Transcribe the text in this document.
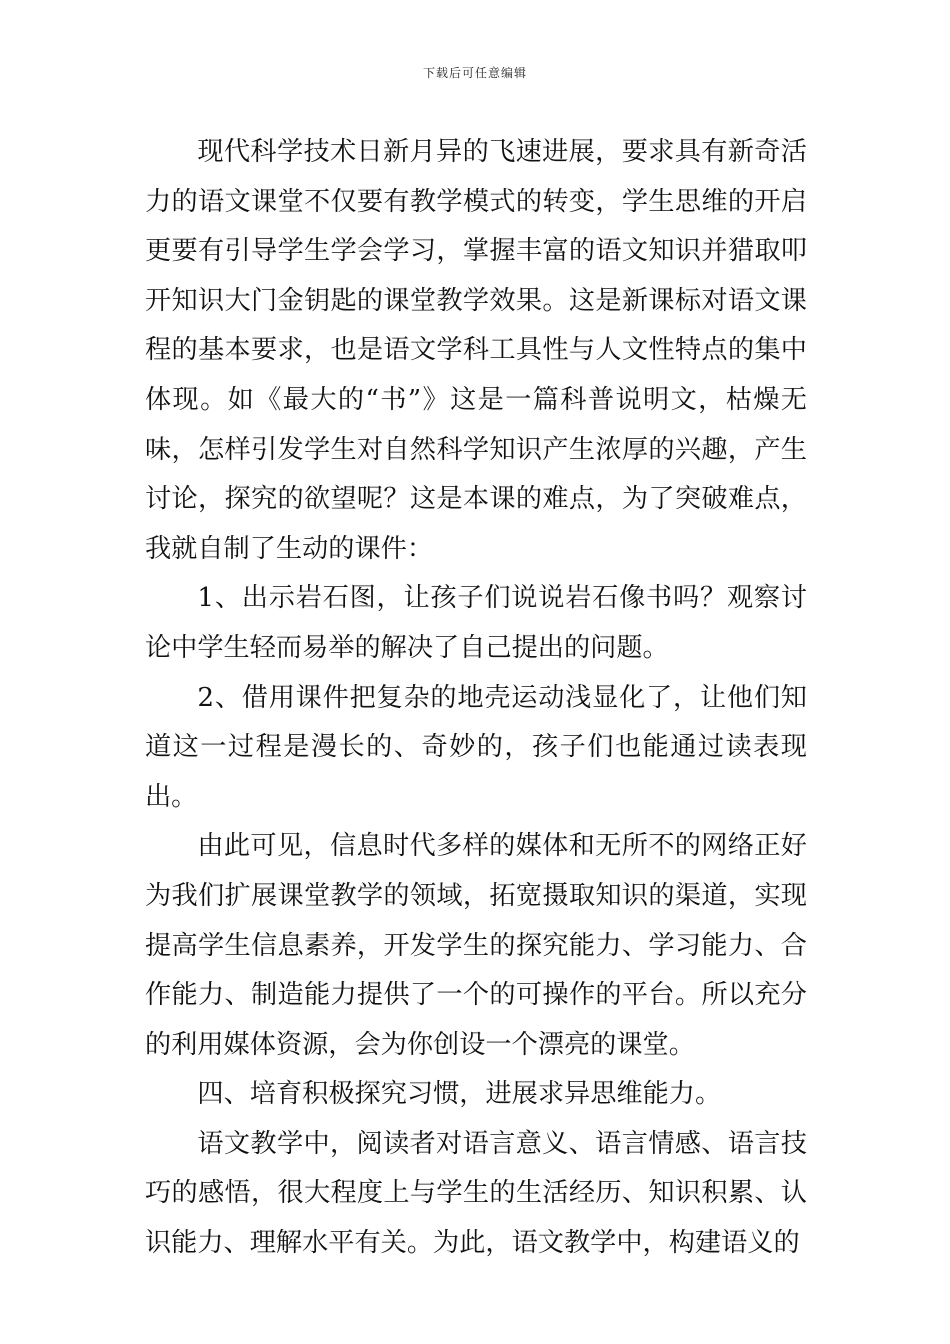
下载后可任意编辑

现代科学技术日新月异的飞速进展，要求具有新奇活力的语文课堂不仅要有教学模式的转变，学生思维的开启更要有引导学生学会学习，掌握丰富的语文知识并猎取叩开知识大门金钥匙的课堂教学效果。这是新课标对语文课程的基本要求，也是语文学科工具性与人文性特点的集中体现。如《最大的“书”》这是一篇科普说明文，枯燥无味，怎样引发学生对自然科学知识产生浓厚的兴趣，产生讨论，探究的欲望呢？这是本课的难点，为了突破难点，我就自制了生动的课件：

1、出示岩石图，让孩子们说说岩石像书吗？观察讨论中学生轻而易举的解决了自己提出的问题。

2、借用课件把复杂的地壳运动浅显化了，让他们知道这一过程是漫长的、奇妙的，孩子们也能通过读表现出。

由此可见，信息时代多样的媒体和无所不的网络正好为我们扩展课堂教学的领域，拓宽摄取知识的渠道，实现提高学生信息素养，开发学生的探究能力、学习能力、合作能力、制造能力提供了一个的可操作的平台。所以充分的利用媒体资源，会为你创设一个漂亮的课堂。

四、培育积极探究习惯，进展求异思维能力。

语文教学中，阅读者对语言意义、语言情感、语言技巧的感悟，很大程度上与学生的生活经历、知识积累、认识能力、理解水平有关。为此，语文教学中，构建语义的
